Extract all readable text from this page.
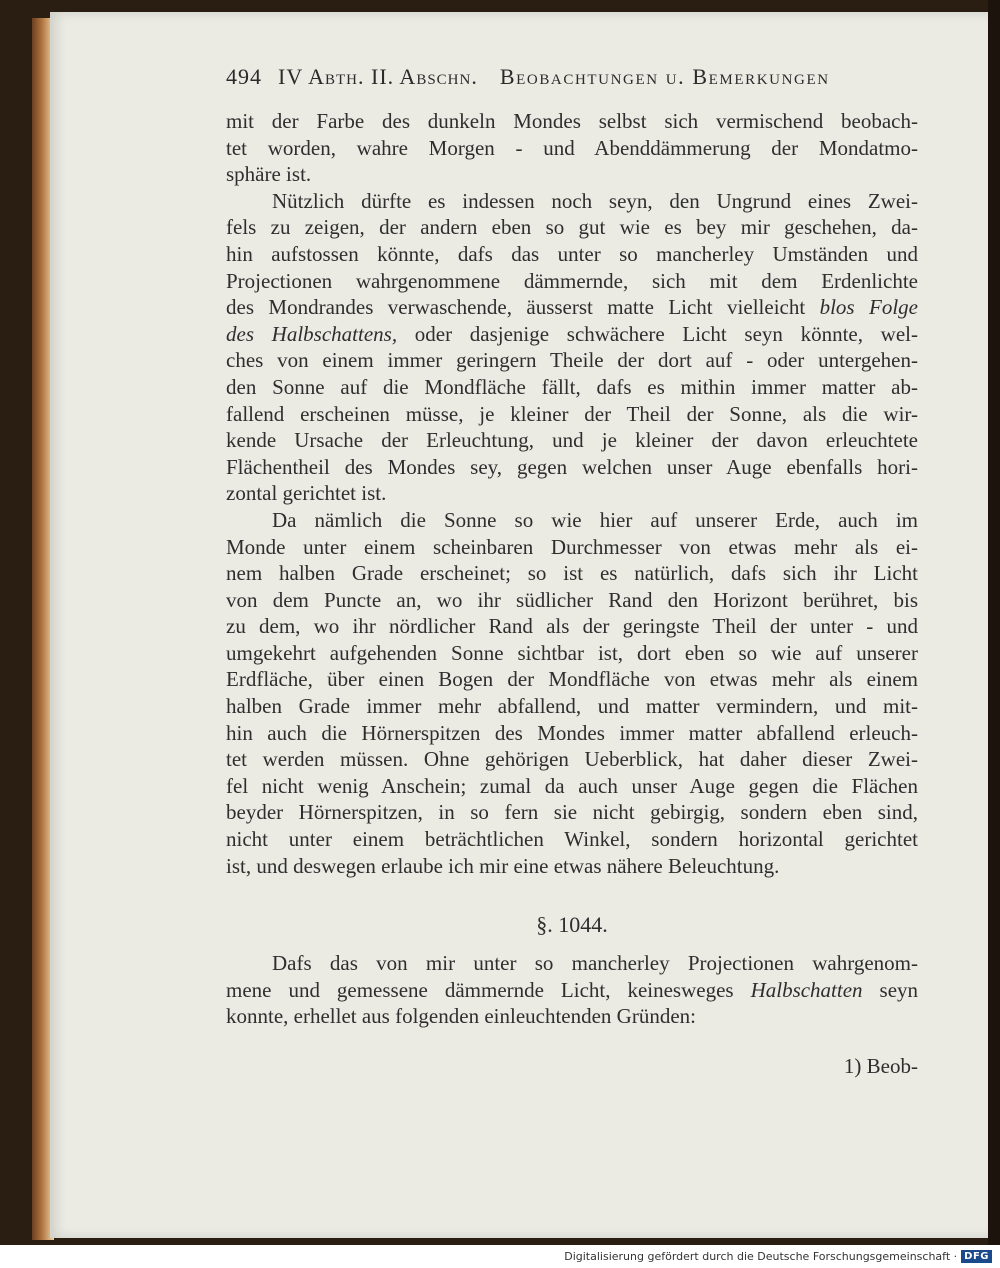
494 IV Abth. II. Abschn. Beobachtungen u. Bemerkungen
mit der Farbe des dunkeln Mondes selbst sich vermischend beobach-
tet worden, wahre Morgen - und Abenddämmerung der Mondatmo-
sphäre ist.
Nützlich dürfte es indessen noch seyn, den Ungrund eines Zwei-
fels zu zeigen, der andern eben so gut wie es bey mir geschehen, da-
hin aufstossen könnte, dafs das unter so mancherley Umständen und
Projectionen wahrgenommene dämmernde, sich mit dem Erdenlichte
des Mondrandes verwaschende, äusserst matte Licht vielleicht blos Folge
des Halbschattens, oder dasjenige schwächere Licht seyn könnte, wel-
ches von einem immer geringern Theile der dort auf - oder untergehen-
den Sonne auf die Mondfläche fällt, dafs es mithin immer matter ab-
fallend erscheinen müsse, je kleiner der Theil der Sonne, als die wir-
kende Ursache der Erleuchtung, und je kleiner der davon erleuchtete
Flächentheil des Mondes sey, gegen welchen unser Auge ebenfalls hori-
zontal gerichtet ist.
Da nämlich die Sonne so wie hier auf unserer Erde, auch im
Monde unter einem scheinbaren Durchmesser von etwas mehr als ei-
nem halben Grade erscheinet; so ist es natürlich, dafs sich ihr Licht
von dem Puncte an, wo ihr südlicher Rand den Horizont berühret, bis
zu dem, wo ihr nördlicher Rand als der geringste Theil der unter - und
umgekehrt aufgehenden Sonne sichtbar ist, dort eben so wie auf unserer
Erdfläche, über einen Bogen der Mondfläche von etwas mehr als einem
halben Grade immer mehr abfallend, und matter vermindern, und mit-
hin auch die Hörnerspitzen des Mondes immer matter abfallend erleuch-
tet werden müssen. Ohne gehörigen Ueberblick, hat daher dieser Zwei-
fel nicht wenig Anschein; zumal da auch unser Auge gegen die Flächen
beyder Hörnerspitzen, in so fern sie nicht gebirgig, sondern eben sind,
nicht unter einem beträchtlichen Winkel, sondern horizontal gerichtet
ist, und deswegen erlaube ich mir eine etwas nähere Beleuchtung.
§. 1044.
Dafs das von mir unter so mancherley Projectionen wahrgenom-
mene und gemessene dämmernde Licht, keinesweges Halbschatten seyn
konnte, erhellet aus folgenden einleuchtenden Gründen:
1) Beob-
Digitalisierung gefördert durch die Deutsche Forschungsgemeinschaft · DFG
